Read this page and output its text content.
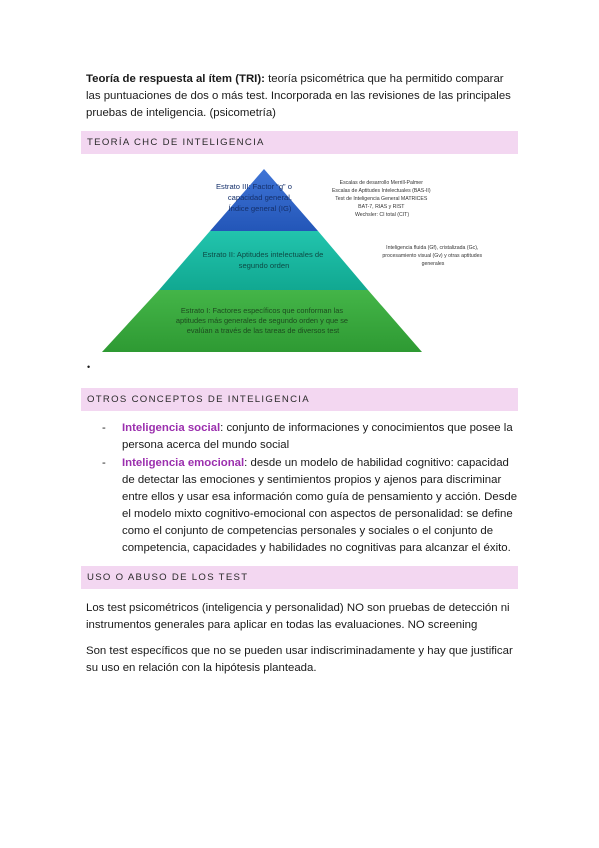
Teoría de respuesta al ítem (TRI): teoría psicométrica que ha permitido comparar las puntuaciones de dos o más test. Incorporada en las revisiones de las principales pruebas de inteligencia. (psicometría)

TEORÍA CHC DE INTELIGENCIA
Estrato III: Factor “g” o capacidad general, Índice general (IG)
Estrato II: Aptitudes intelectuales de segundo orden
Estrato I: Factores específicos que conforman las aptitudes más generales de segundo orden y que se evalúan a través de las tareas de diversos test
Escalas de desarrollo Merrill-Palmer Escalas de Aptitudes Intelectuales (BAS-II) Test de Inteligencia General MATRICES BAT-7, RIAS y RIST Wechsler: CI total (CIT)
Inteligencia fluida (Gf), cristalizada (Gc), procesamiento visual (Gv) y otras aptitudes generales
•
OTROS CONCEPTOS DE INTELIGENCIA
- Inteligencia social: conjunto de informaciones y conocimientos que posee la persona acerca del mundo social
- Inteligencia emocional: desde un modelo de habilidad cognitivo: capacidad de detectar las emociones y sentimientos propios y ajenos para discriminar entre ellos y usar esa información como guía de pensamiento y acción. Desde el modelo mixto cognitivo-emocional con aspectos de personalidad: se define como el conjunto de competencias personales y sociales o el conjunto de competencia, capacidades y habilidades no cognitivas para alcanzar el éxito.
USO O ABUSO DE LOS TEST

Los test psicométricos (inteligencia y personalidad) NO son pruebas de detección ni instrumentos generales para aplicar en todas las evaluaciones. NO screening

Son test específicos que no se pueden usar indiscriminadamente y hay que justificar su uso en relación con la hipótesis planteada.
